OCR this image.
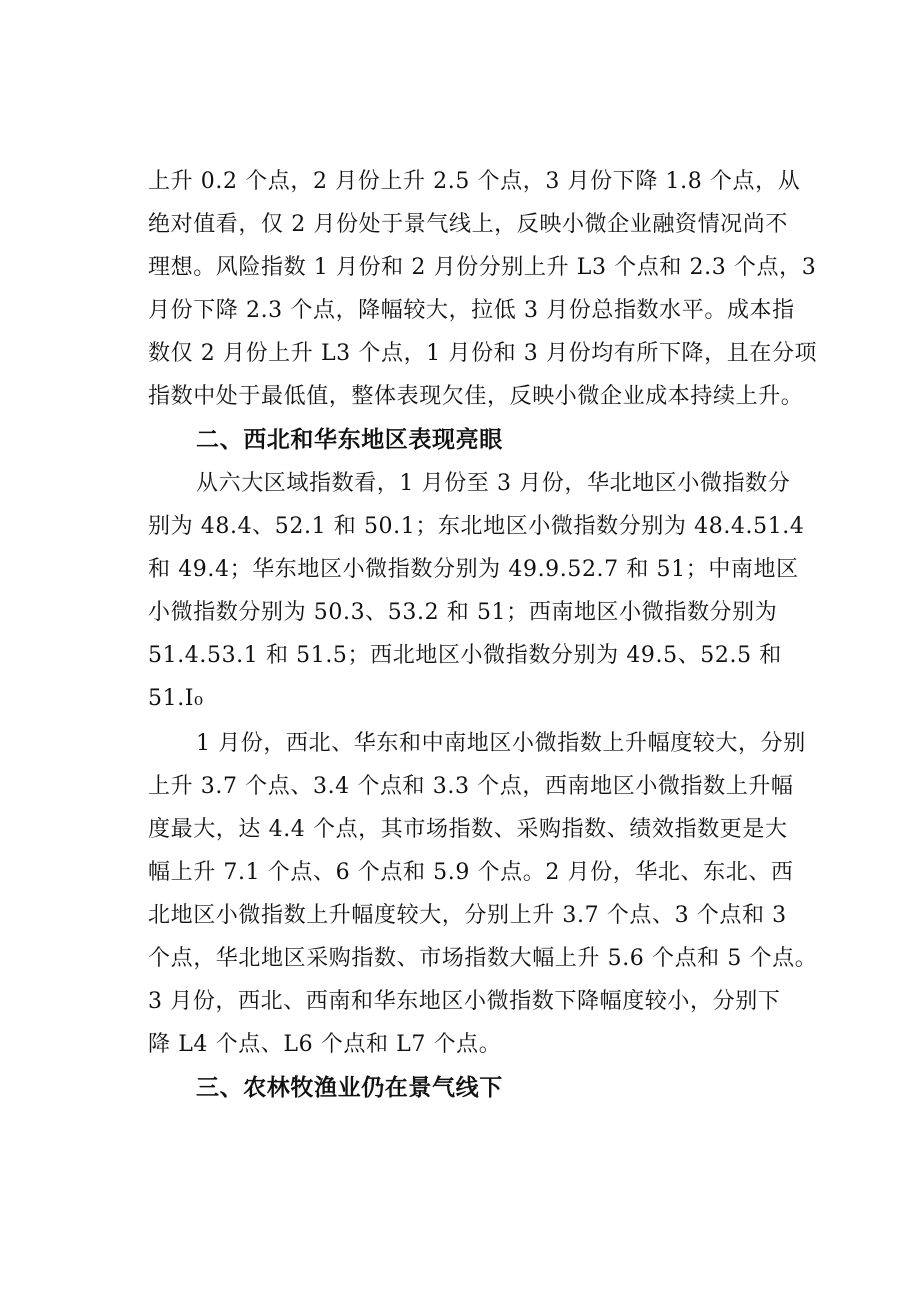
上升 0.2 个点，2 月份上升 2.5 个点，3 月份下降 1.8 个点，从
绝对值看，仅 2 月份处于景气线上，反映小微企业融资情况尚不
理想。风险指数 1 月份和 2 月份分别上升 L3 个点和 2.3 个点，3
月份下降 2.3 个点，降幅较大，拉低 3 月份总指数水平。成本指
数仅 2 月份上升 L3 个点，1 月份和 3 月份均有所下降，且在分项
指数中处于最低值，整体表现欠佳，反映小微企业成本持续上升。
二、西北和华东地区表现亮眼
从六大区域指数看，1 月份至 3 月份，华北地区小微指数分
别为 48.4、52.1 和 50.1；东北地区小微指数分别为 48.4.51.4
和 49.4；华东地区小微指数分别为 49.9.52.7 和 51；中南地区
小微指数分别为 50.3、53.2 和 51；西南地区小微指数分别为
51.4.53.1 和 51.5；西北地区小微指数分别为 49.5、52.5 和
51.I₀
1 月份，西北、华东和中南地区小微指数上升幅度较大，分别
上升 3.7 个点、3.4 个点和 3.3 个点，西南地区小微指数上升幅
度最大，达 4.4 个点，其市场指数、采购指数、绩效指数更是大
幅上升 7.1 个点、6 个点和 5.9 个点。2 月份，华北、东北、西
北地区小微指数上升幅度较大，分别上升 3.7 个点、3 个点和 3
个点，华北地区采购指数、市场指数大幅上升 5.6 个点和 5 个点。
3 月份，西北、西南和华东地区小微指数下降幅度较小，分别下
降 L4 个点、L6 个点和 L7 个点。
三、农林牧渔业仍在景气线下
